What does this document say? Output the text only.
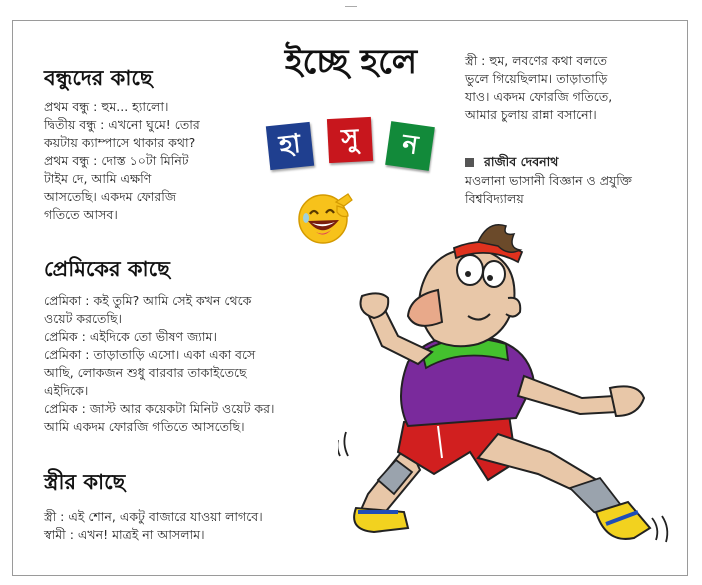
বন্ধুদের কাছে
প্রথম বন্ধু : হুম... হ্যালো।
দ্বিতীয় বন্ধু : এখনো ঘুমে! তোর
কয়টায় ক্যাম্পাসে থাকার কথা?
প্রথম বন্ধু : দোস্ত ১০টা মিনিট
টাইম দে, আমি এক্ষণি
আসতেছি। একদম ফোরজি
গতিতে আসব।
প্রেমিকের কাছে
প্রেমিকা : কই তুমি? আমি সেই কখন থেকে
ওয়েট করতেছি।
প্রেমিক : এইদিকে তো ভীষণ জ্যাম।
প্রেমিকা : তাড়াতাড়ি এসো। একা একা বসে
আছি, লোকজন শুধু বারবার তাকাইতেছে
এইদিকে।
প্রেমিক : জাস্ট আর কয়েকটা মিনিট ওয়েট কর।
আমি একদম ফোরজি গতিতে আসতেছি।
স্ত্রীর কাছে
স্ত্রী : এই শোন, একটু বাজারে যাওয়া লাগবে।
স্বামী : এখন! মাত্রই না আসলাম।
ইচ্ছে হলে
হা	সু	ন
স্ত্রী : হুম, লবণের কথা বলতে
ভুলে গিয়েছিলাম। তাড়াতাড়ি
যাও। একদম ফোরজি গতিতে,
আমার চুলায় রান্না বসানো।
রাজীব দেবনাথ
মওলানা ভাসানী বিজ্ঞান ও প্রযুক্তি
বিশ্ববিদ্যালয়
